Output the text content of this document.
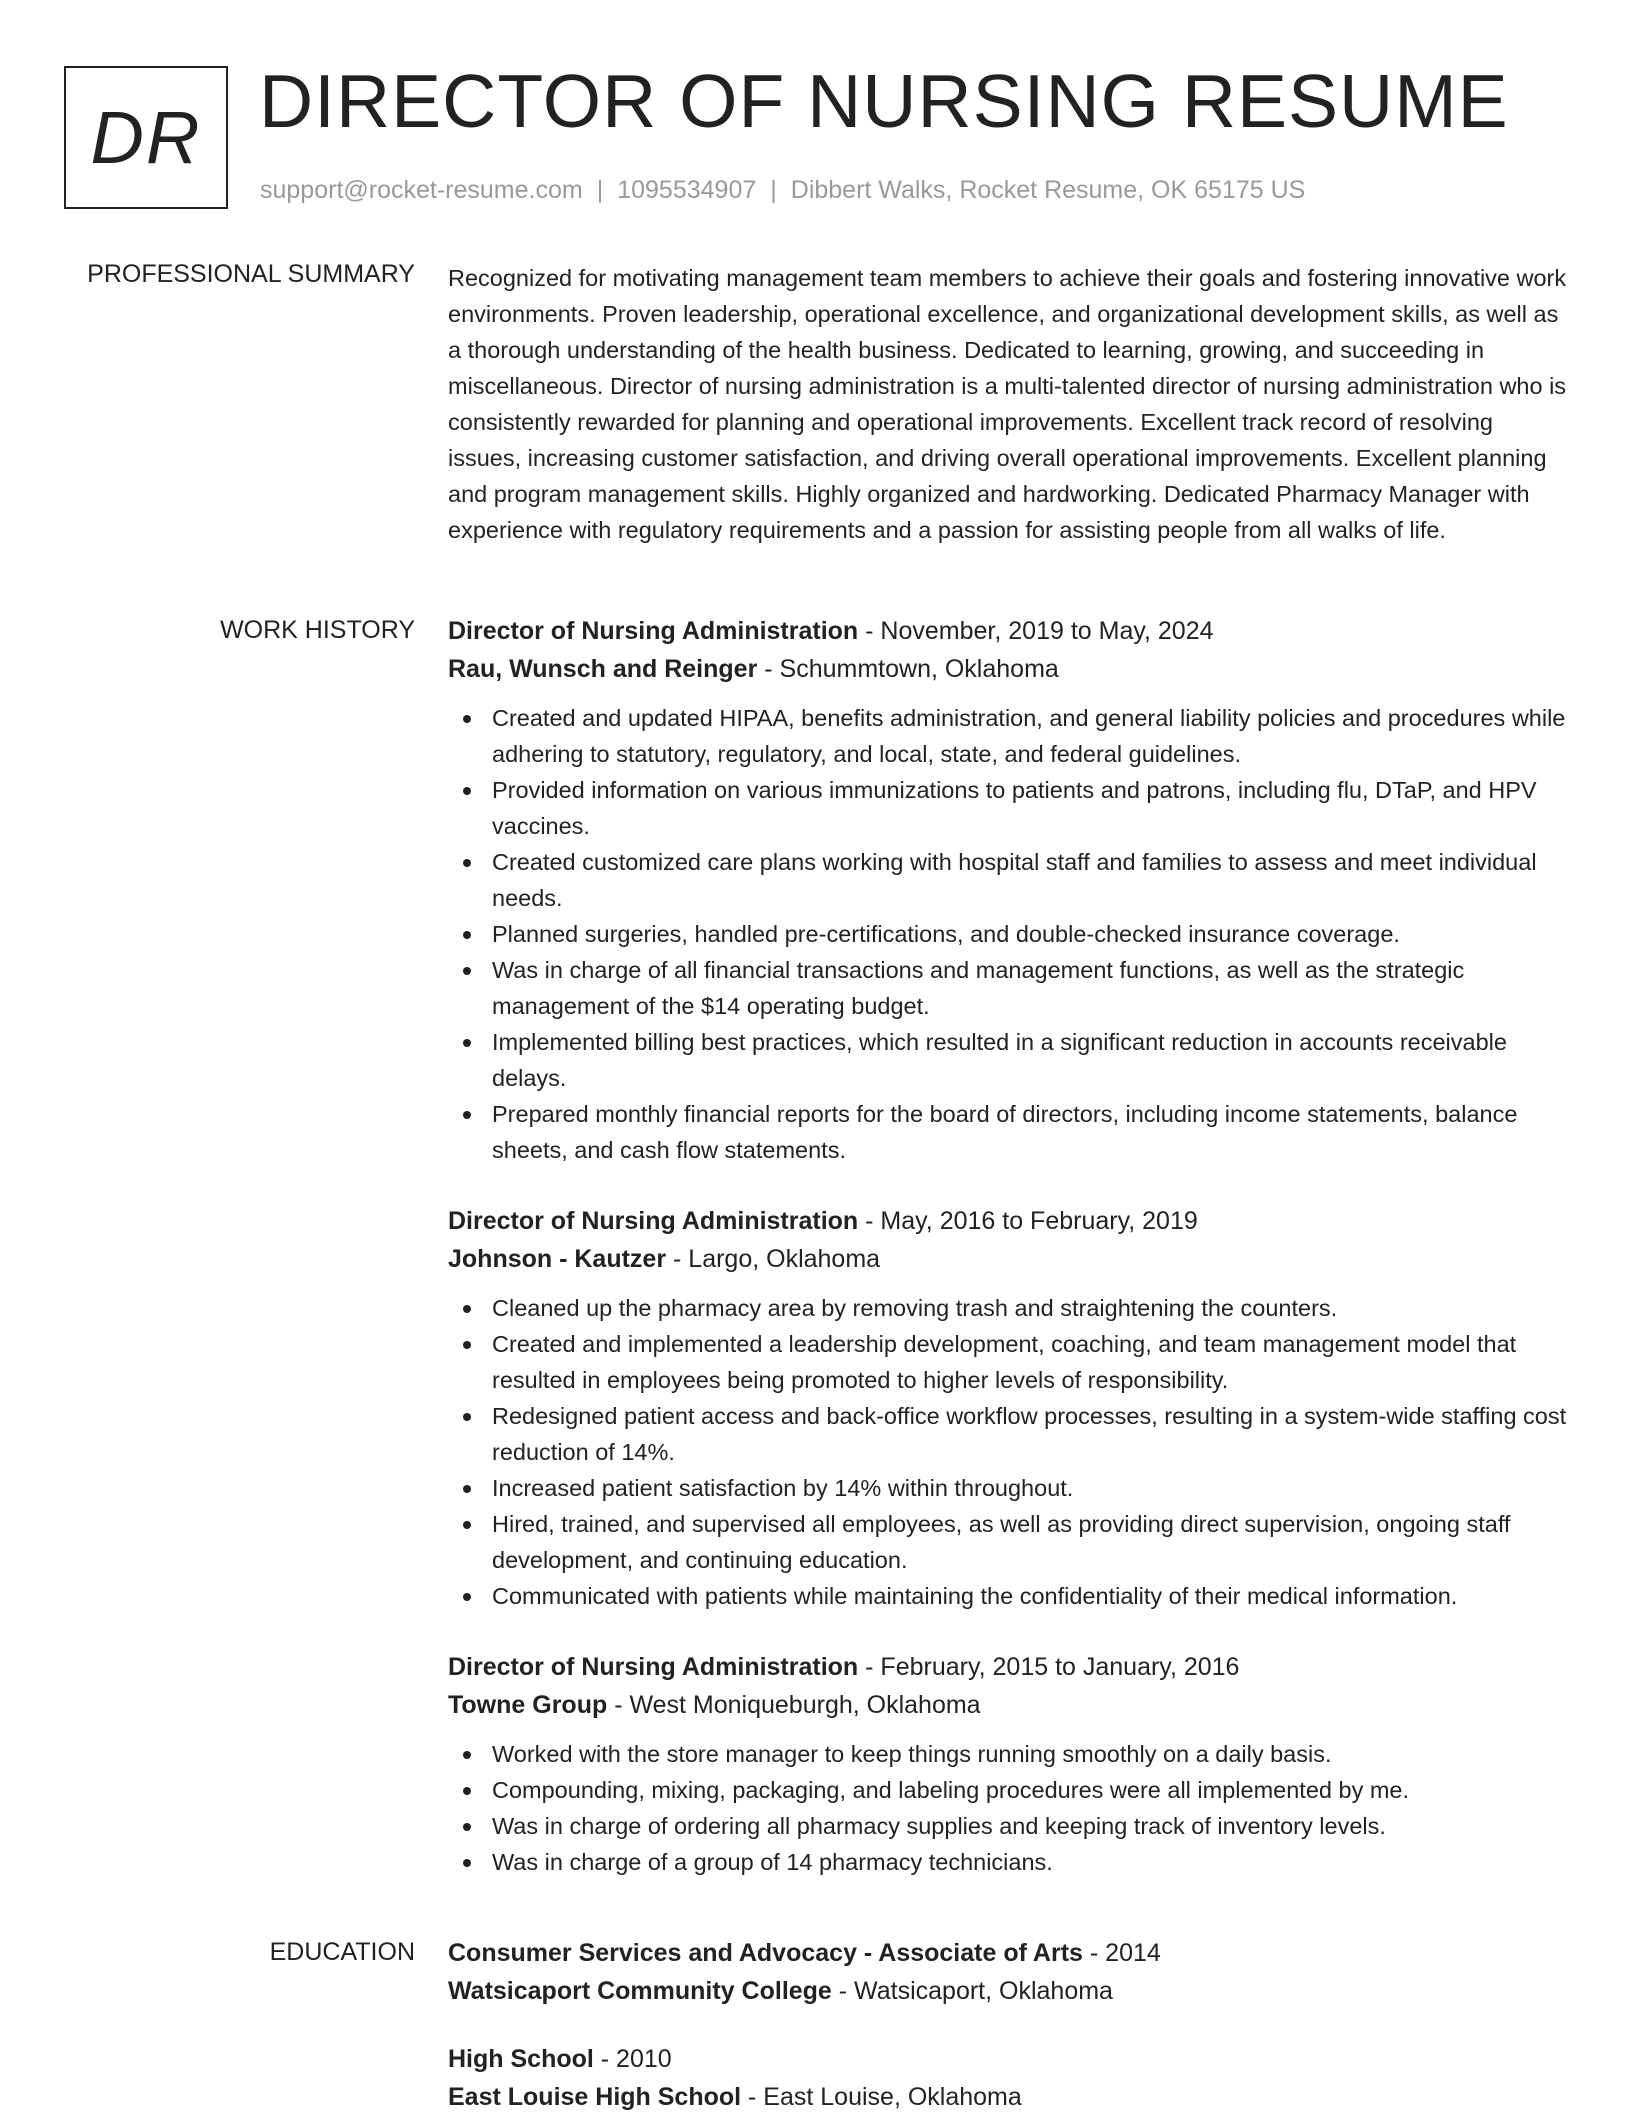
DR DIRECTOR OF NURSING RESUME
support@rocket-resume.com | 1095534907 | Dibbert Walks, Rocket Resume, OK 65175 US
PROFESSIONAL SUMMARY Recognized for motivating management team members to achieve their goals and fostering innovative work environments. Proven leadership, operational excellence, and organizational development skills, as well as a thorough understanding of the health business. Dedicated to learning, growing, and succeeding in miscellaneous. Director of nursing administration is a multi-talented director of nursing administration who is consistently rewarded for planning and operational improvements. Excellent track record of resolving issues, increasing customer satisfaction, and driving overall operational improvements. Excellent planning and program management skills. Highly organized and hardworking. Dedicated Pharmacy Manager with experience with regulatory requirements and a passion for assisting people from all walks of life.

WORK HISTORY Director of Nursing Administration - November, 2019 to May, 2024
Rau, Wunsch and Reinger - Schummtown, Oklahoma
Created and updated HIPAA, benefits administration, and general liability policies and procedures while adhering to statutory, regulatory, and local, state, and federal guidelines.
Provided information on various immunizations to patients and patrons, including flu, DTaP, and HPV vaccines.
Created customized care plans working with hospital staff and families to assess and meet individual needs.
Planned surgeries, handled pre-certifications, and double-checked insurance coverage.
Was in charge of all financial transactions and management functions, as well as the strategic management of the $14 operating budget.
Implemented billing best practices, which resulted in a significant reduction in accounts receivable delays.
Prepared monthly financial reports for the board of directors, including income statements, balance sheets, and cash flow statements.
Director of Nursing Administration - May, 2016 to February, 2019
Johnson - Kautzer - Largo, Oklahoma
Cleaned up the pharmacy area by removing trash and straightening the counters.
Created and implemented a leadership development, coaching, and team management model that resulted in employees being promoted to higher levels of responsibility.
Redesigned patient access and back-office workflow processes, resulting in a system-wide staffing cost reduction of 14%.
Increased patient satisfaction by 14% within throughout.
Hired, trained, and supervised all employees, as well as providing direct supervision, ongoing staff development, and continuing education.
Communicated with patients while maintaining the confidentiality of their medical information.
Director of Nursing Administration - February, 2015 to January, 2016
Towne Group - West Moniqueburgh, Oklahoma
Worked with the store manager to keep things running smoothly on a daily basis.
Compounding, mixing, packaging, and labeling procedures were all implemented by me.
Was in charge of ordering all pharmacy supplies and keeping track of inventory levels.
Was in charge of a group of 14 pharmacy technicians.
EDUCATION Consumer Services and Advocacy - Associate of Arts - 2014
Watsicaport Community College - Watsicaport, Oklahoma
High School - 2010
East Louise High School - East Louise, Oklahoma
